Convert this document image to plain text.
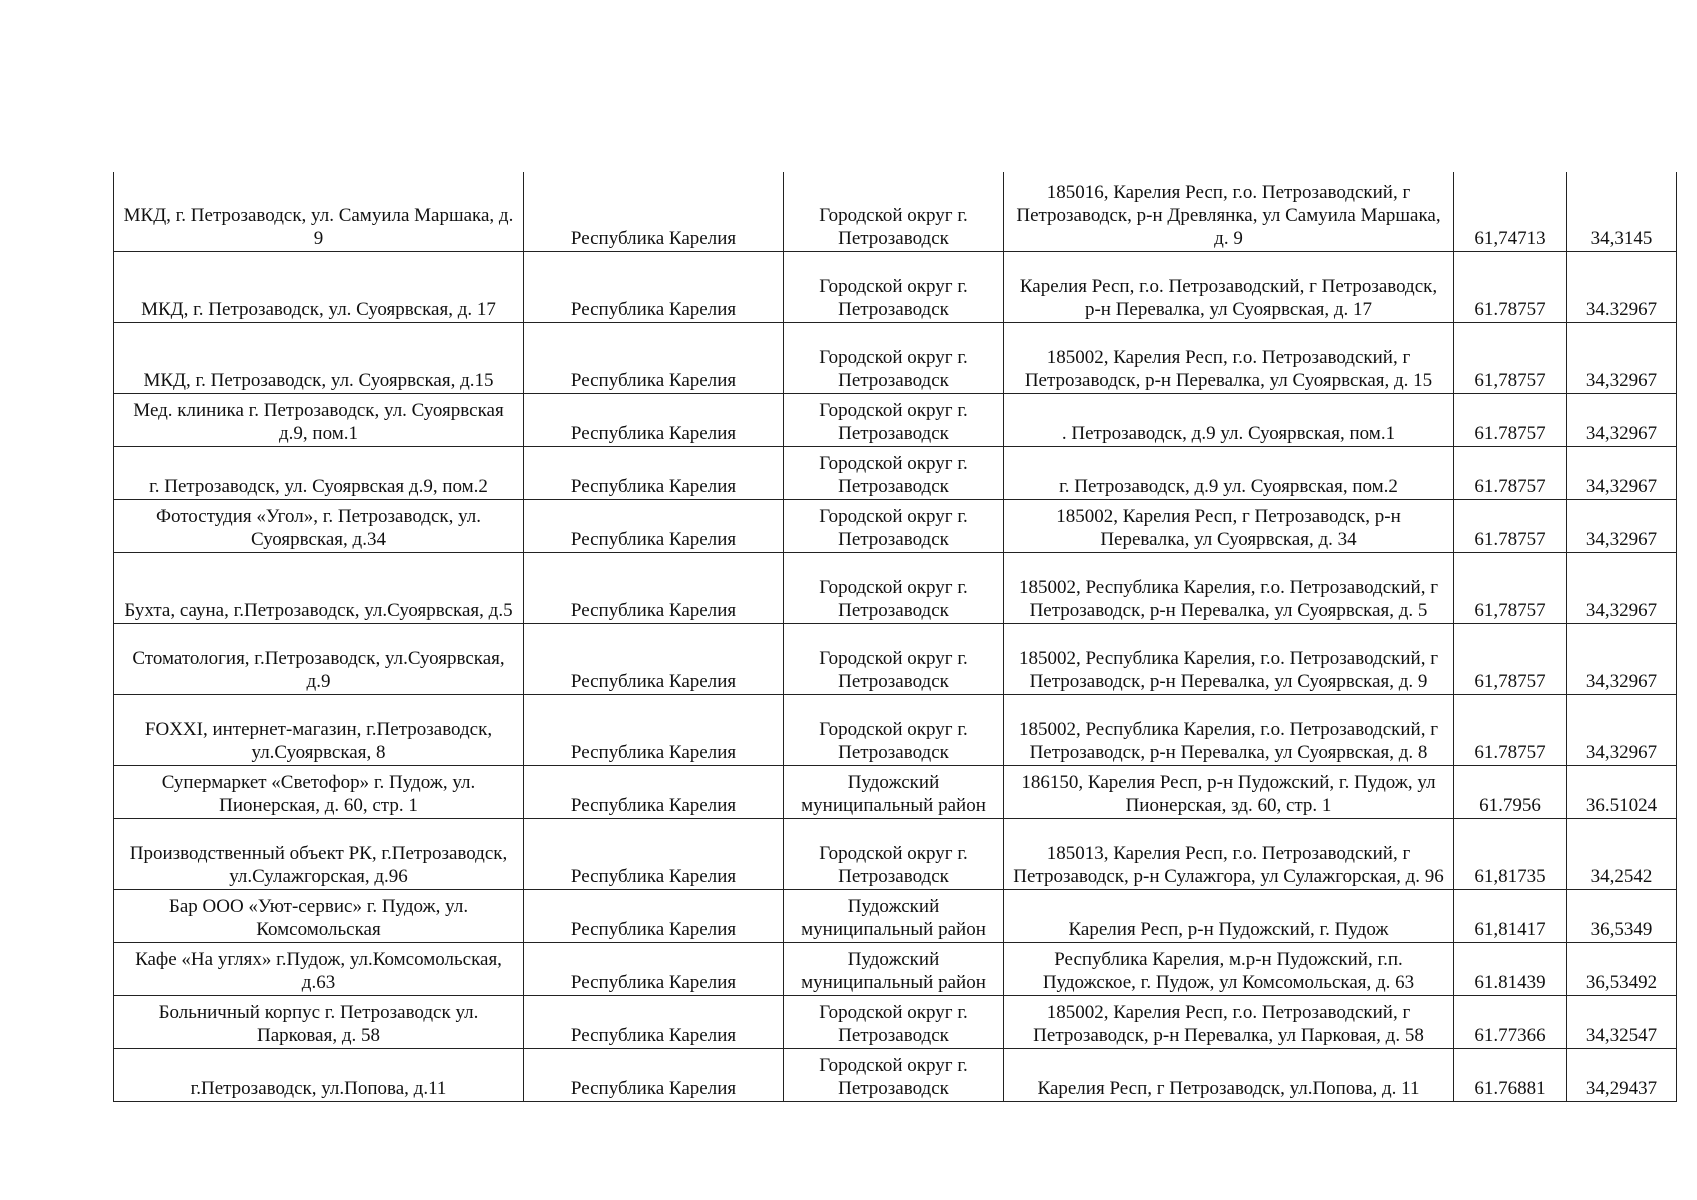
МКД, г. Петрозаводск, ул. Самуила Маршака, д. 9	Республика Карелия	Городской округ г. Петрозаводск	185016, Карелия Респ, г.о. Петрозаводский, г Петрозаводск, р-н Древлянка, ул Самуила Маршака, д. 9	61,74713	34,3145
МКД, г. Петрозаводск, ул. Суоярвская, д. 17	Республика Карелия	Городской округ г. Петрозаводск	Карелия Респ, г.о. Петрозаводский, г Петрозаводск, р-н Перевалка, ул Суоярвская, д. 17	61.78757	34.32967
МКД, г. Петрозаводск, ул. Суоярвская, д.15	Республика Карелия	Городской округ г. Петрозаводск	185002, Карелия Респ, г.о. Петрозаводский, г Петрозаводск, р-н Перевалка, ул Суоярвская, д. 15	61,78757	34,32967
Мед. клиника г. Петрозаводск, ул. Суоярвская д.9, пом.1	Республика Карелия	Городской округ г. Петрозаводск	. Петрозаводск, д.9 ул. Суоярвская, пом.1	61.78757	34,32967
г. Петрозаводск, ул. Суоярвская д.9, пом.2	Республика Карелия	Городской округ г. Петрозаводск	г. Петрозаводск, д.9 ул. Суоярвская, пом.2	61.78757	34,32967
Фотостудия «Угол», г. Петрозаводск, ул. Суоярвская, д.34	Республика Карелия	Городской округ г. Петрозаводск	185002, Карелия Респ, г Петрозаводск, р-н Перевалка, ул Суоярвская, д. 34	61.78757	34,32967
Бухта, сауна, г.Петрозаводск, ул.Суоярвская, д.5	Республика Карелия	Городской округ г. Петрозаводск	185002, Республика Карелия, г.о. Петрозаводский, г Петрозаводск, р-н Перевалка, ул Суоярвская, д. 5	61,78757	34,32967
Стоматология, г.Петрозаводск, ул.Суоярвская, д.9	Республика Карелия	Городской округ г. Петрозаводск	185002, Республика Карелия, г.о. Петрозаводский, г Петрозаводск, р-н Перевалка, ул Суоярвская, д. 9	61,78757	34,32967
FOXXI, интернет-магазин, г.Петрозаводск, ул.Суоярвская, 8	Республика Карелия	Городской округ г. Петрозаводск	185002, Республика Карелия, г.о. Петрозаводский, г Петрозаводск, р-н Перевалка, ул Суоярвская, д. 8	61.78757	34,32967
Супермаркет «Светофор» г. Пудож, ул. Пионерская, д. 60, стр. 1	Республика Карелия	Пудожский муниципальный район	186150, Карелия Респ, р-н Пудожский, г. Пудож, ул Пионерская, зд. 60, стр. 1	61.7956	36.51024
Производственный объект РК, г.Петрозаводск, ул.Сулажгорская, д.96	Республика Карелия	Городской округ г. Петрозаводск	185013, Карелия Респ, г.о. Петрозаводский, г Петрозаводск, р-н Сулажгора, ул Сулажгорская, д. 96	61,81735	34,2542
Бар ООО «Уют-сервис» г. Пудож, ул. Комсомольская	Республика Карелия	Пудожский муниципальный район	Карелия Респ, р-н Пудожский, г. Пудож	61,81417	36,5349
Кафе «На углях» г.Пудож, ул.Комсомольская, д.63	Республика Карелия	Пудожский муниципальный район	Республика Карелия, м.р-н Пудожский, г.п. Пудожское, г. Пудож, ул Комсомольская, д. 63	61.81439	36,53492
Больничный корпус г. Петрозаводск ул. Парковая, д. 58	Республика Карелия	Городской округ г. Петрозаводск	185002, Карелия Респ, г.о. Петрозаводский, г Петрозаводск, р-н Перевалка, ул Парковая, д. 58	61.77366	34,32547
г.Петрозаводск, ул.Попова, д.11	Республика Карелия	Городской округ г. Петрозаводск	Карелия Респ, г Петрозаводск, ул.Попова, д. 11	61.76881	34,29437
